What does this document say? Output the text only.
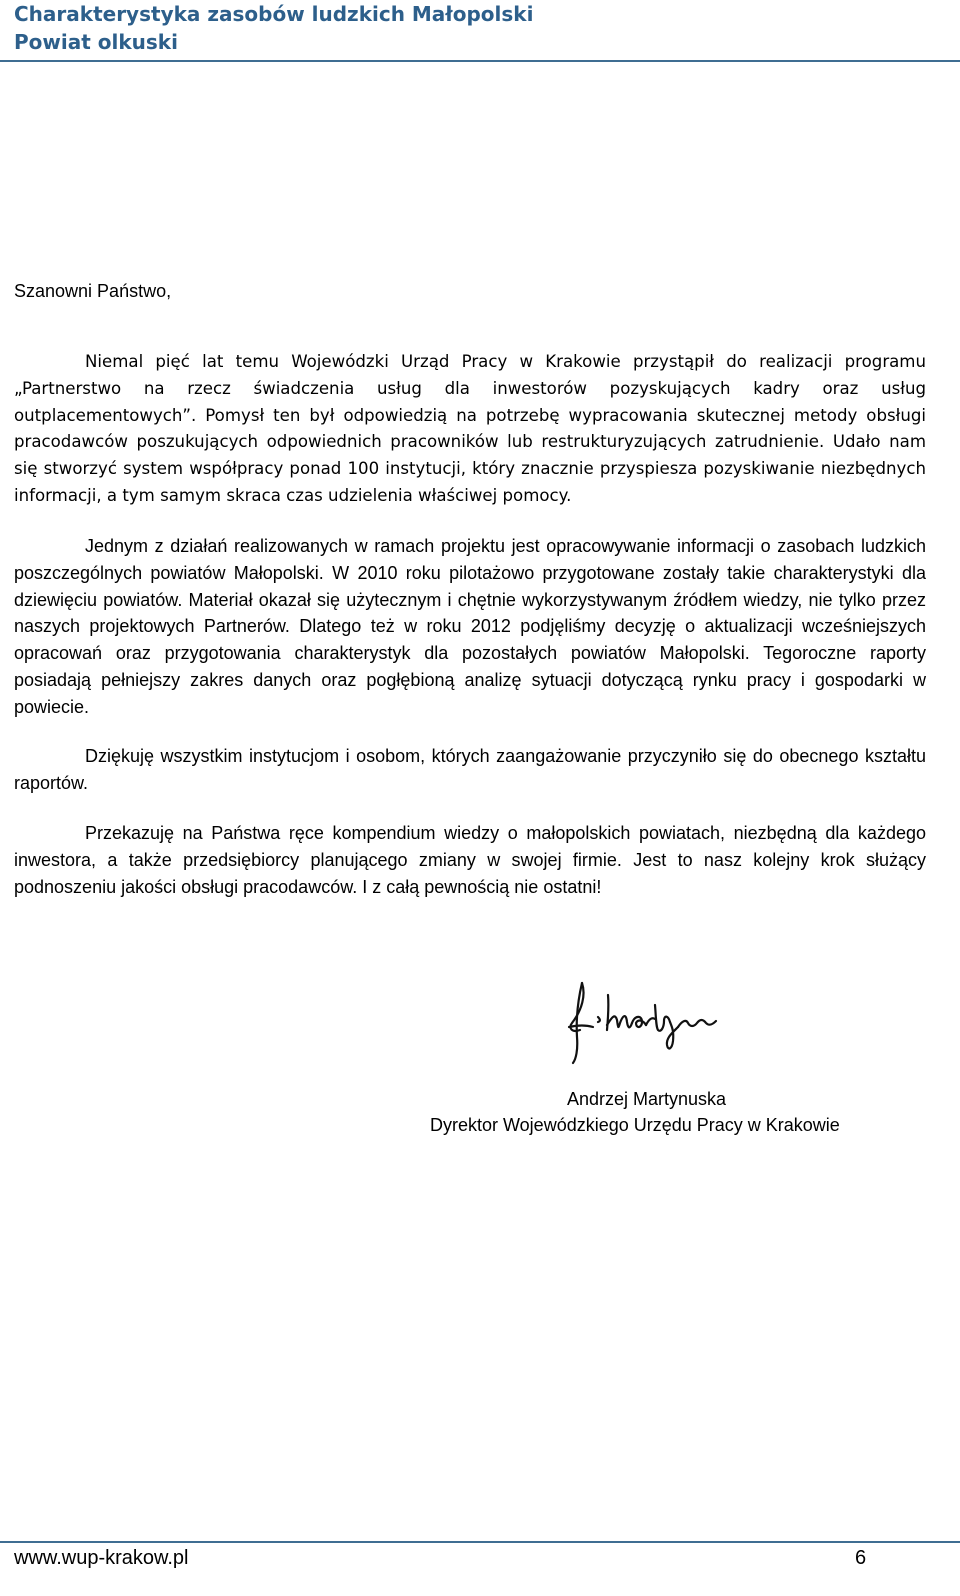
Charakterystyka zasobów ludzkich Małopolski
Powiat olkuski
Szanowni Państwo,

Niemal pięć lat temu Wojewódzki Urząd Pracy w Krakowie przystąpił do realizacji programu „Partnerstwo na rzecz świadczenia usług dla inwestorów pozyskujących kadry oraz usług outplacementowych”. Pomysł ten był odpowiedzią na potrzebę wypracowania skutecznej metody obsługi pracodawców poszukujących odpowiednich pracowników lub restrukturyzujących zatrudnienie. Udało nam się stworzyć system współpracy ponad 100 instytucji, który znacznie przyspiesza pozyskiwanie niezbędnych informacji, a tym samym skraca czas udzielenia właściwej pomocy.

Jednym z działań realizowanych w ramach projektu jest opracowywanie informacji o zasobach ludzkich poszczególnych powiatów Małopolski. W 2010 roku pilotażowo przygotowane zostały takie charakterystyki dla dziewięciu powiatów. Materiał okazał się użytecznym i chętnie wykorzystywanym źródłem wiedzy, nie tylko przez naszych projektowych Partnerów. Dlatego też w roku 2012 podjęliśmy decyzję o aktualizacji wcześniejszych opracowań oraz przygotowania charakterystyk dla pozostałych powiatów Małopolski. Tegoroczne raporty posiadają pełniejszy zakres danych oraz pogłębioną analizę sytuacji dotyczącą rynku pracy i gospodarki w powiecie.

Dziękuję wszystkim instytucjom i osobom, których zaangażowanie przyczyniło się do obecnego kształtu raportów.

Przekazuję na Państwa ręce kompendium wiedzy o małopolskich powiatach, niezbędną dla każdego inwestora, a także przedsiębiorcy planującego zmiany w swojej firmie. Jest to nasz kolejny krok służący podnoszeniu jakości obsługi pracodawców. I z całą pewnością nie ostatni!

Andrzej Martynuska
Dyrektor Wojewódzkiego Urzędu Pracy w Krakowie
www.wup-krakow.pl	6
